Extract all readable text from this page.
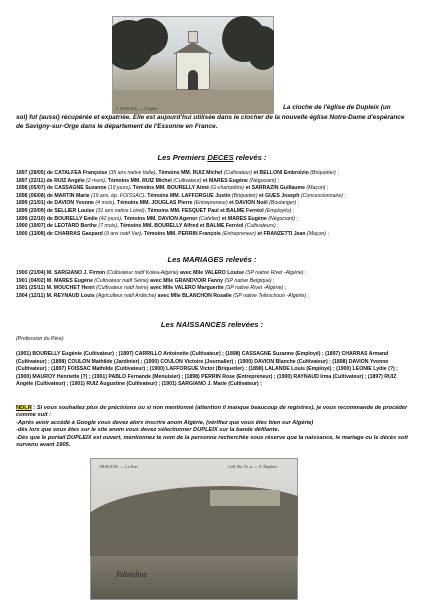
5. DUPLEIX. — L'Eglise	La cloche de l'église de Dupleix (un
sol) fut (aussi) récupérée et expatriée. Elle est aujourd'hui utilisée dans le clocher de la nouvelle église Notre-Dame d'espérance de Savigny-sur-Orge dans le département de l'Essonne en France.
Les Premiers DECES relevés :
1897 (28/05) de CATALFEA Françoise (35 ans native Italie). Témoins MM. RUIZ Michel (Cultivateur) et BELLONI Embrolzio (Briquetier) ;
1897 (22/11) de RUIZ Angèle (2 mois). Témoins MM. RUIZ Michel (Cultivateur) et MARES Eugène (Négociant) ;
1898 (05/07) de CASSAGNE Suzanne (19 jours). Témoins MM. BOURELLY Aimé (G-champêtre) et SARRAZIN Guillaume (Maçon) ;
1898 (06/08) de MARTIN Marie (19 ans, ép. FOISSAC). Témoins MM. LAFFORGUE Justin (Briquetier) et GUES Joseph (Concessionnaire) ;
1899 (21/01) de DAVION Yvonne (4 mois). Témoins MM. JOUGLAS Pierre (Entrepreneur) et DAVION Noël (Boulanger) ;
1899 (20/09) de SELLIER Louise (31 ans native Loiret). Témoins MM. FESQUET Paul et BALME Ferréol (Employés) ;
1899 (22/10) de BOURELLY Emile (42 jours). Témoins MM. DAVION Agenor (Cafetier) et MARES Eugène (Négociant) ;
1900 (19/07) de LEOTARD Berthe (7 mois). Témoins MM. BOURELLY Alfred et BALME Ferréol (Cultivateurs) ;
1900 (13/08) de CHARRAS Gaspard (9 ans natif Var). Témoins MM. PERRIN François (Entrepreneur) et FRANZETTI Jean (Maçon) ;
Les MARIAGES relevés :
1900 (21/04) M. SARGIANO J. Firmin (Cultivateur natif Kolea-Algérie) avec Mlle VALERO Louise (SP native Rivet -Algérie) ;
1901 (04/02) M. MARES Eugène (Cultivateur natif Seine) avec Mlle GRANDVOIR Fanny (SP native Belgique) ;
1901 (25/11) M. MOUCHET Henri (Cultivateur natif Isère) avec Mlle VALERO Marguerite (SP native Rivet -Algérie) ;
1904 (12/11) M. REYNAUD Louis (Agriculteur natif Ardèche) avec Mlle BLANCHON Rosalie (SP native Tefeschoun -Algérie) ;
Les NAISSANCES relevées :
(Profession du Père)
(1901) BOURELLY Eugénie (Cultivateur) ; (1897) CARRILLO Antoinette (Cultivateur) ; (1898) CASSAGNE Suzanne (Employé) ; (1897) CHARRAS Armand (Cultivateur) ; (1898) COULON Mathilde (Jardinier) ; (1900) COULON Victoire (Journalier) ; (1900) DAVION Blanche (Cultivateur) ; (1898) DAVION Yvonne (Cultivateur) ; (1897) FOISSAC Mathilde (Cultivateur) ; (1900) LAFFORGUE Victor (Briquetier) ; (1898) LALANDE Louis (Employé) ; (1900) LEONIE Lydie (?) ; (1900) MAUROY Henriette (?) ; (1901) PABLO Fernande (Menuisier) ; (1898) PERRIN Rose (Entrepreneur) ; (1900) RAYNAUD Irma (Cultivateur) ; (1897) RUIZ Angèle (Cultivateur) ; (1901) RUIZ Augustine (Cultivateur) ; (1901) SARGIANO J. Marie (Cultivateur) ;
NDLR : Si vous souhaitez plus de précisions ou si non mentionné (attention il manque beaucoup de registres), je vous recommande de procéder comme suit :
-Après avoir accédé à Google vous devez alors inscrire anom Algérie, (vérifiez que vous êtes bien sur Algérie)
-dès lors que vous êtes sur le site anom vous devez sélectionner DUPLEIX sur la bande défilante.
-Dès que le portail DUPLEIX est ouvert, mentionnez le nom de la personne recherchée sous réserve que la naissance, le mariage ou le décès soit survenu avant 1905.
DUPLEIX. — Le Fort	Coll. Bo. Fr. n. — F. Dupleix
Pdinidine
